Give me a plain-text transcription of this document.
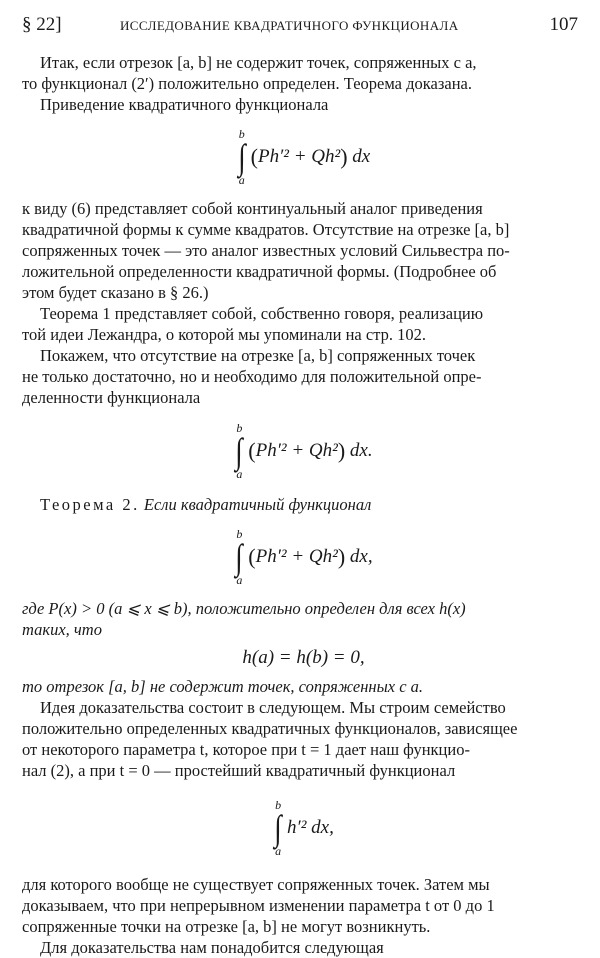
§ 22]	ИССЛЕДОВАНИЕ КВАДРАТИЧНОГО ФУНКЦИОНАЛА	107

Итак, если отрезок [a, b] не содержит точек, сопряженных с a,

то функционал (2′) положительно определен. Теорема доказана.

Приведение квадратичного функционала

b
∫
a
( Ph′² + Qh² )
dx

к виду (6) представляет собой континуальный аналог приведения

квадратичной формы к сумме квадратов. Отсутствие на отрезке [a, b]

сопряженных точек — это аналог известных условий Сильвестра по-

ложительной определенности квадратичной формы. (Подробнее об

этом будет сказано в § 26.)

Теорема 1 представляет собой, собственно говоря, реализацию

той идеи Лежандра, о которой мы упоминали на стр. 102.

Покажем, что отсутствие на отрезке [a, b] сопряженных точек

не только достаточно, но и необходимо для положительной опре-

деленности функционала

b
∫
a
( Ph′² + Qh² )
dx.

Теорема 2. Если квадратичный функционал

b
∫
a
( Ph′² + Qh² )
dx,

где P(x) > 0 (a ⩽ x ⩽ b), положительно определен для всех h(x)

таких, что

h(a) = h(b) = 0,

то отрезок [a, b] не содержит точек, сопряженных с a.

Идея доказательства состоит в следующем. Мы строим семейство

положительно определенных квадратичных функционалов, зависящее

от некоторого параметра t, которое при t = 1 дает наш функцио-

нал (2), а при t = 0 — простейший квадратичный функционал

b
∫
a
h′² dx,

для которого вообще не существует сопряженных точек. Затем мы

доказываем, что при непрерывном изменении параметра t от 0 до 1

сопряженные точки на отрезке [a, b] не могут возникнуть.

Для доказательства нам понадобится следующая
